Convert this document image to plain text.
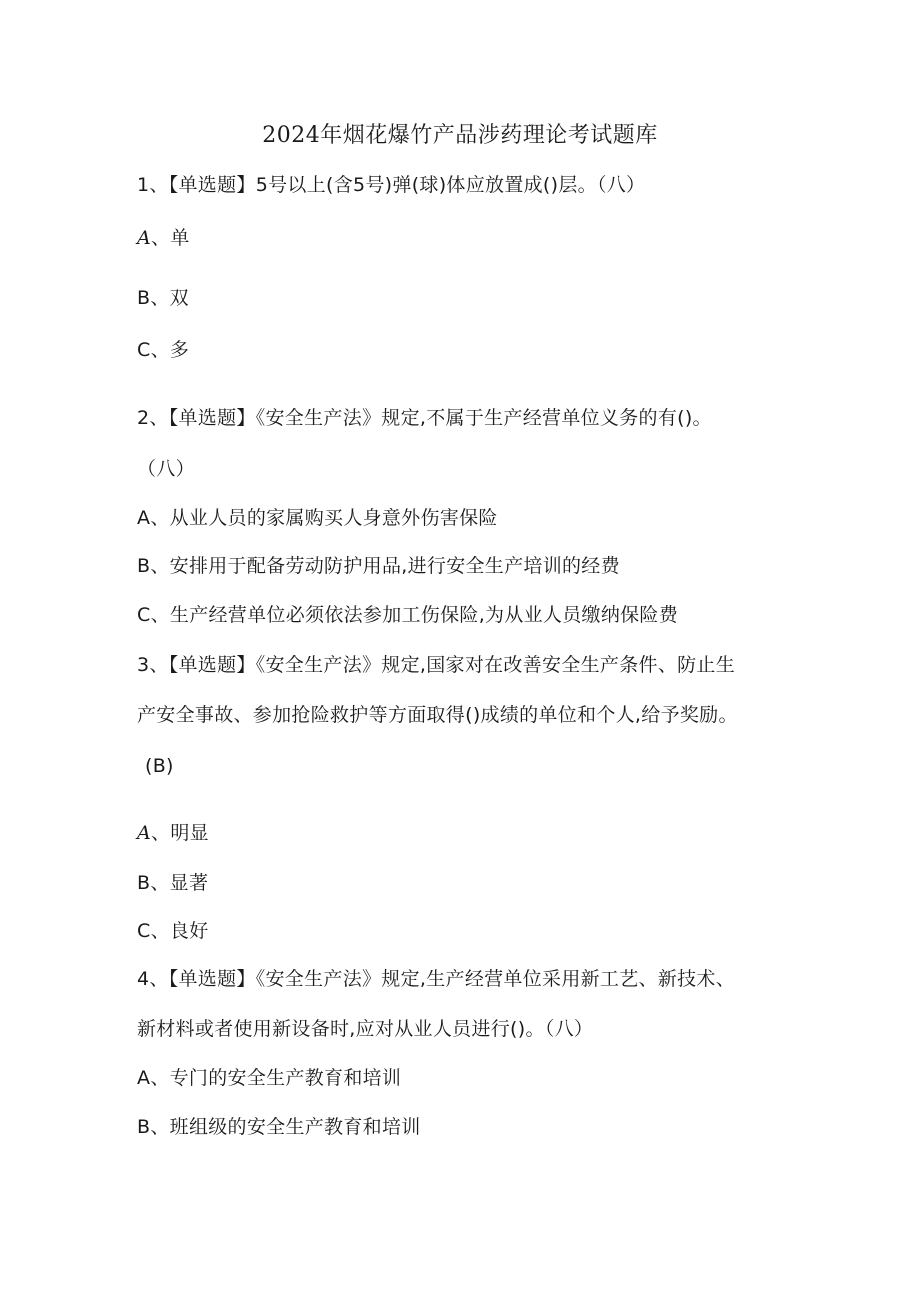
2024年烟花爆竹产品涉药理论考试题库
1、【单选题】5号以上(含5号)弹(球)体应放置成()层。（八）
A、单
B、双
C、多
2、【单选题】《安全生产法》规定,不属于生产经营单位义务的有()。
（八）
A、从业人员的家属购买人身意外伤害保险
B、安排用于配备劳动防护用品,进行安全生产培训的经费
C、生产经营单位必须依法参加工伤保险,为从业人员缴纳保险费
3、【单选题】《安全生产法》规定,国家对在改善安全生产条件、防止生
产安全事故、参加抢险救护等方面取得()成绩的单位和个人,给予奖励。
(B)
A、明显
B、显著
C、良好
4、【单选题】《安全生产法》规定,生产经营单位采用新工艺、新技术、
新材料或者使用新设备时,应对从业人员进行()。（八）
A、专门的安全生产教育和培训
B、班组级的安全生产教育和培训
